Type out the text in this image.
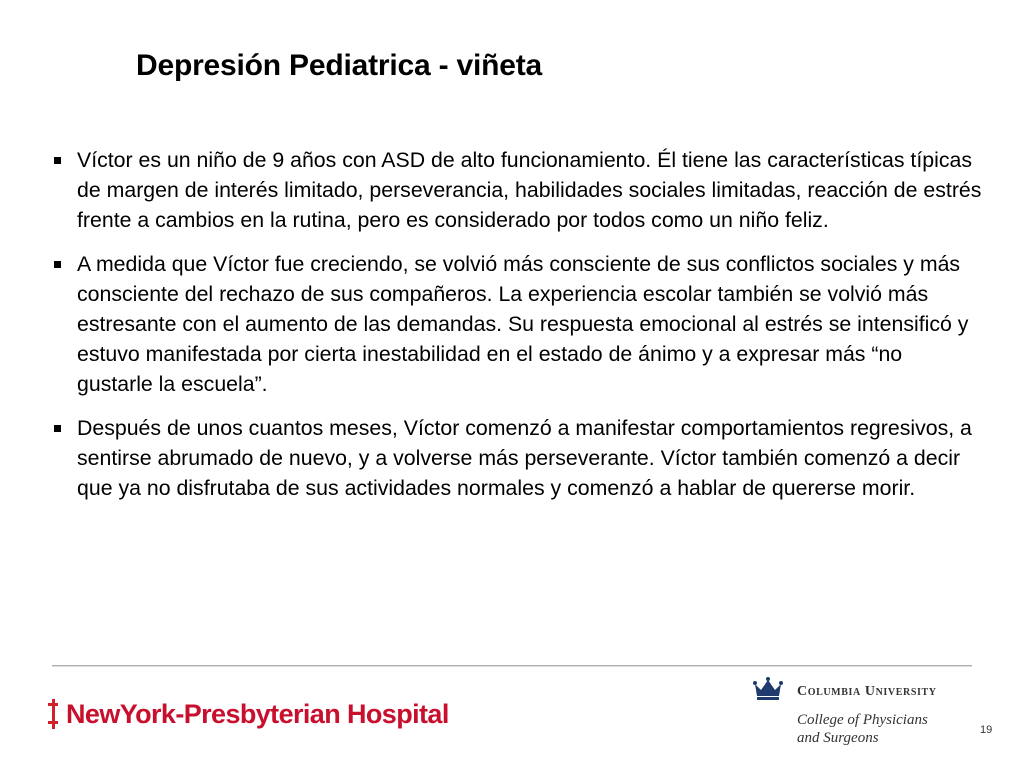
Depresión Pediatrica - viñeta
Víctor es un niño de 9 años con ASD de alto funcionamiento. Él tiene las características típicas de margen de interés limitado, perseverancia, habilidades sociales limitadas, reacción de estrés frente a cambios en la rutina, pero es considerado por todos como un niño feliz.
A medida que Víctor fue creciendo, se volvió más consciente de sus conflictos sociales y más consciente del rechazo de sus compañeros. La experiencia escolar también se volvió más estresante con el aumento de las demandas. Su respuesta emocional al estrés se intensificó y estuvo manifestada por cierta inestabilidad en el estado de ánimo y a expresar más “no gustarle la escuela”.
Después de unos cuantos meses, Víctor comenzó a manifestar comportamientos regresivos, a sentirse abrumado de nuevo, y a volverse más perseverante. Víctor también comenzó a decir que ya no disfrutaba de sus actividades normales y comenzó a hablar de quererse morir.
NewYork-Presbyterian Hospital
Columbia University
College of Physicians
and Surgeons	19
